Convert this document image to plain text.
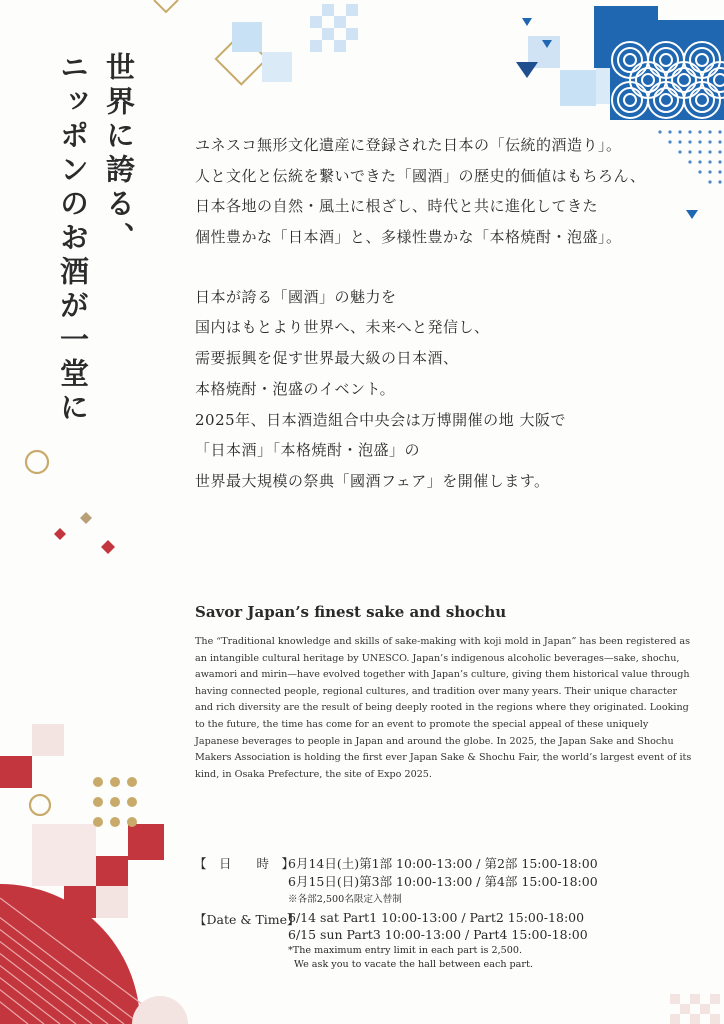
世界に誇る、
ニッポンのお酒が一堂に	ユネスコ無形文化遺産に登録された日本の「伝統的酒造り」。
人と文化と伝統を繋いできた「國酒」の歴史的価値はもちろん、
日本各地の自然・風土に根ざし、時代と共に進化してきた
個性豊かな「日本酒」と、多様性豊かな「本格焼酎・泡盛」。
日本が誇る「國酒」の魅力を
国内はもとより世界へ、未来へと発信し、
需要振興を促す世界最大級の日本酒、
本格焼酎・泡盛のイベント。
2025年、日本酒造組合中央会は万博開催の地 大阪で
「日本酒」「本格焼酎・泡盛」の
世界最大規模の祭典「國酒フェア」を開催します。
Savor Japan’s finest sake and shochu
The “Traditional knowledge and skills of sake-making with koji mold in Japan” has been registered as an intangible cultural heritage by UNESCO. Japan’s indigenous alcoholic beverages—sake, shochu, awamori and mirin—have evolved together with Japan’s culture, giving them historical value through having connected people, regional cultures, and tradition over many years. Their unique character and rich diversity are the result of being deeply rooted in the regions where they originated. Looking to the future, the time has come for an event to promote the special appeal of these uniquely Japanese beverages to people in Japan and around the globe. In 2025, the Japan Sake and Shochu Makers Association is holding the first ever Japan Sake & Shochu Fair, the world’s largest event of its kind, in Osaka Prefecture, the site of Expo 2025.
【　日　　時　】
6月14日(土)第1部 10:00-13:00 / 第2部 15:00-18:00
6月15日(日)第3部 10:00-13:00 / 第4部 15:00-18:00
※各部2,500名限定入替制
【Date & Time】
6/14 sat Part1 10:00-13:00 / Part2 15:00-18:00
6/15 sun Part3 10:00-13:00 / Part4 15:00-18:00
*The maximum entry limit in each part is 2,500.
We ask you to vacate the hall between each part.
